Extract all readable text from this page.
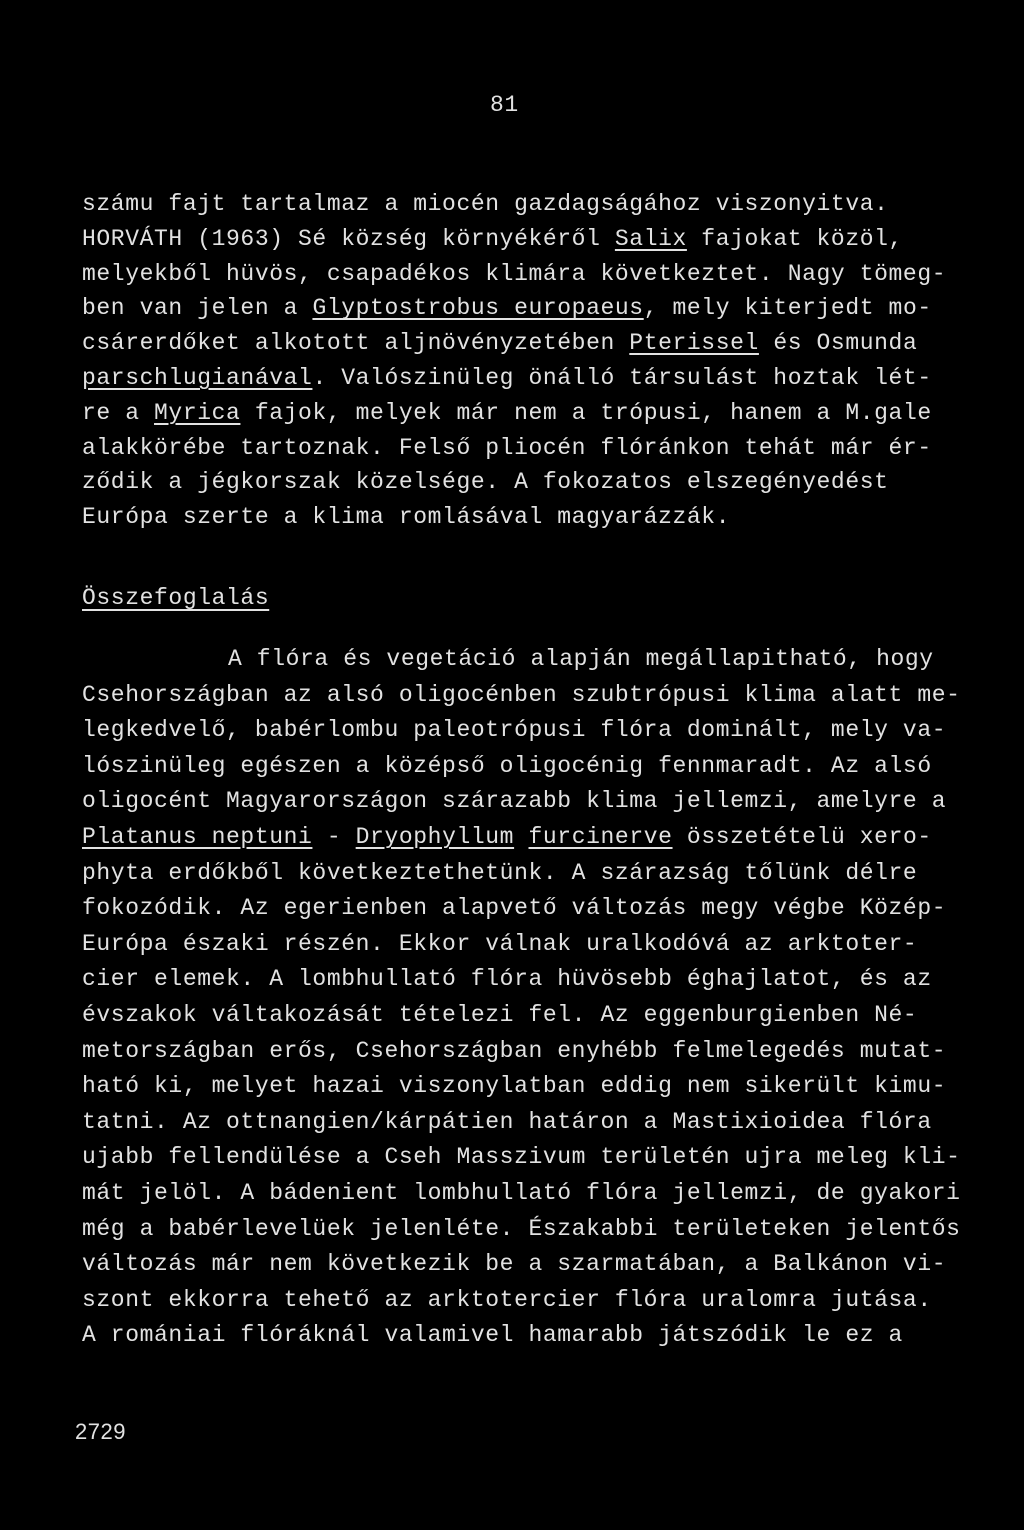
81
számu fajt tartalmaz a miocén gazdagságához viszonyitva.
HORVÁTH (1963) Sé község környékéről Salix fajokat közöl,
melyekből hüvös, csapadékos klimára következtet. Nagy tömeg-
ben van jelen a Glyptostrobus europaeus, mely kiterjedt mo-
csárerdőket alkotott aljnövényzetében Pterissel és Osmunda
parschlugianával. Valószinüleg önálló társulást hoztak lét-
re a Myrica fajok, melyek már nem a trópusi, hanem a M.gale
alakkörébe tartoznak. Felső pliocén flóránkon tehát már ér-
ződik a jégkorszak közelsége. A fokozatos elszegényedést
Európa szerte a klima romlásával magyarázzák.
Összefoglalás
A flóra és vegetáció alapján megállapitható, hogy
Csehországban az alsó oligocénben szubtrópusi klima alatt me-
legkedvelő, babérlombu paleotrópusi flóra dominált, mely va-
lószinüleg egészen a középső oligocénig fennmaradt. Az alsó
oligocént Magyarországon szárazabb klima jellemzi, amelyre a
Platanus neptuni - Dryophyllum furcinerve összetételü xero-
phyta erdőkből következtethetünk. A szárazság tőlünk délre
fokozódik. Az egerienben alapvető változás megy végbe Közép-
Európa északi részén. Ekkor válnak uralkodóvá az arktoter-
cier elemek. A lombhullató flóra hüvösebb éghajlatot, és az
évszakok váltakozását tételezi fel. Az eggenburgienben Né-
metországban erős, Csehországban enyhébb felmelegedés mutat-
ható ki, melyet hazai viszonylatban eddig nem sikerült kimu-
tatni. Az ottnangien/kárpátien határon a Mastixioidea flóra
ujabb fellendülése a Cseh Masszivum területén ujra meleg kli-
mát jelöl. A bádenient lombhullató flóra jellemzi, de gyakori
még a babérlevelüek jelenléte. Északabbi területeken jelentős
változás már nem következik be a szarmatában, a Balkánon vi-
szont ekkorra tehető az arktotercier flóra uralomra jutása.
A romániai flóráknál valamivel hamarabb játszódik le ez a
2729
